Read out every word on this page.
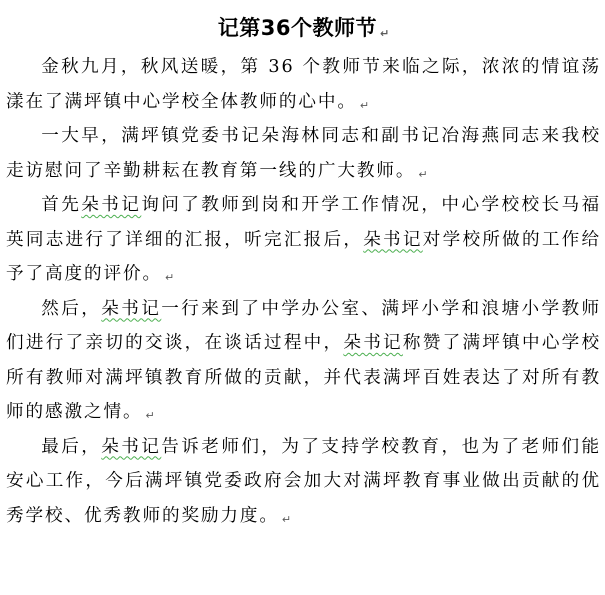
记第36个教师节 ↵

金秋九月，秋风送暖，第 36 个教师节来临之际，浓浓的情谊荡漾在了满坪镇中心学校全体教师的心中。 ↵

一大早，满坪镇党委书记朵海林同志和副书记冶海燕同志来我校走访慰问了辛勤耕耘在教育第一线的广大教师。 ↵

首先朵书记询问了教师到岗和开学工作情况，中心学校校长马福英同志进行了详细的汇报，听完汇报后，朵书记对学校所做的工作给予了高度的评价。 ↵

然后，朵书记一行来到了中学办公室、满坪小学和浪塘小学教师们进行了亲切的交谈，在谈话过程中，朵书记称赞了满坪镇中心学校所有教师对满坪镇教育所做的贡献，并代表满坪百姓表达了对所有教师的感激之情。 ↵

最后，朵书记告诉老师们，为了支持学校教育，也为了老师们能安心工作，今后满坪镇党委政府会加大对满坪教育事业做出贡献的优秀学校、优秀教师的奖励力度。 ↵
